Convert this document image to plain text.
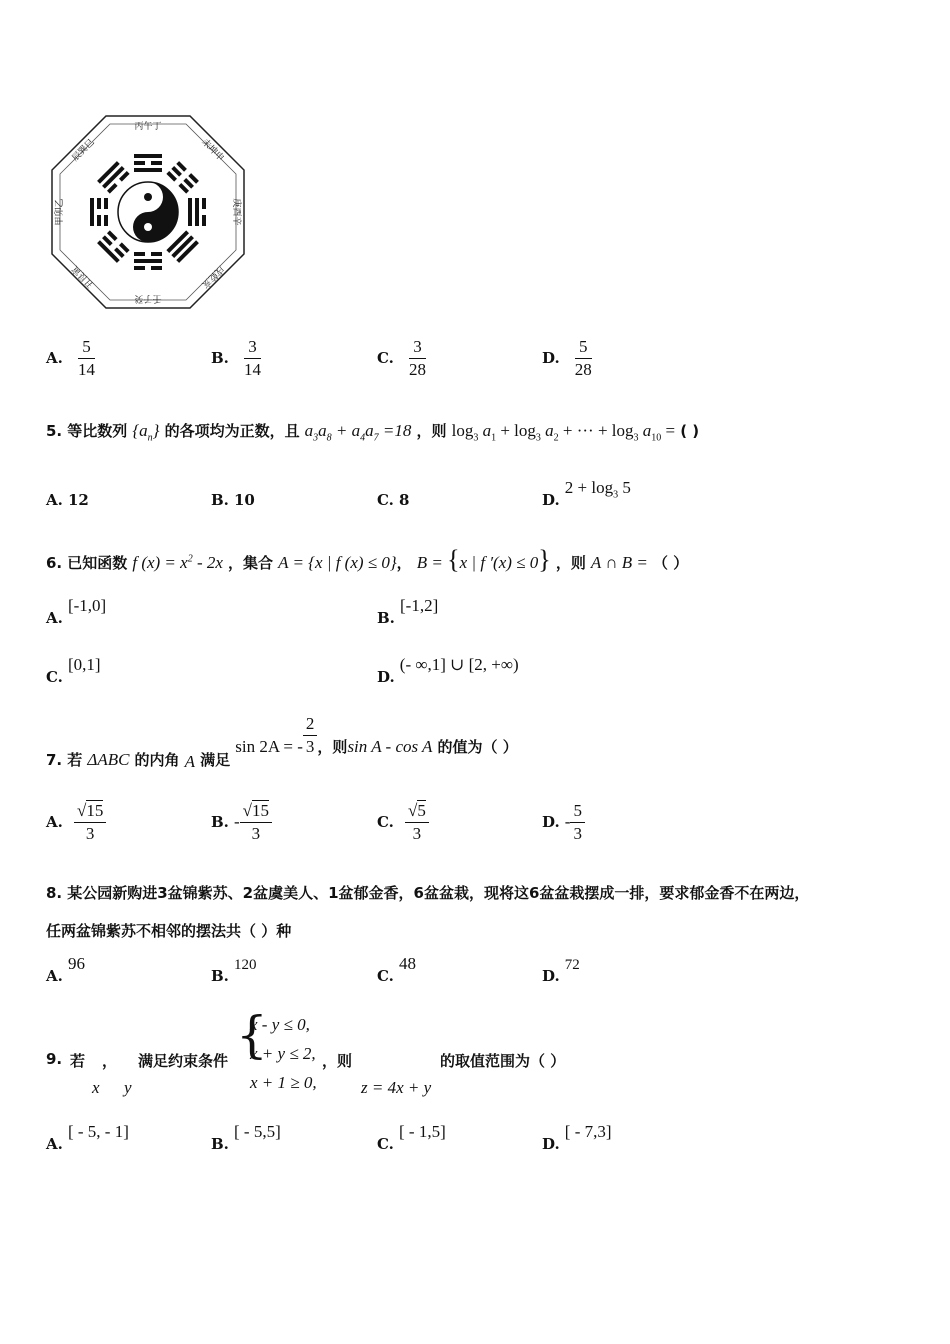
丙午丁
未坤申
庚酉辛
戌乾亥
壬子癸
丑艮寅
甲卯乙
辰巽巳
A. $\frac{5}{14}$	B. $\frac{3}{14}$	C. $\frac{3}{28}$	D. $\frac{5}{28}$
5. 等比数列 $\{a_n\}$ 的各项均为正数，且 $a_3a_8 + a_4a_7 =18$ ，则 $\log_3 a_1 + \log_3 a_2$ + ··· + $\log_3 a_{10}$ = ( )
A. 12	B. 10	C. 8	D. $2 + \log_3 5$
6. 已知函数 f $(x) = x^2 - 2x$ ，集合 A = {x | f (x) ≤ 0}， B = {x | f ′(x) ≤ 0} ，则 A ∩ B = （ ）
A. [-1,0]
B. [-1,2]
C. [0,1]
D. (- ∞,1] ∪ [2, +∞)
7. 若 ΔABC 的内角 A 满足 sin 2A = - $\frac{2}{3}$ ，则sin A - cos A 的值为（ ）
A. $\frac{√15}{3}$	B. - $\frac{√15}{3}$	C. $\frac{√5}{3}$	D. - $\frac{5}{3}$
8. 某公园新购进3盆锦紫苏、2盆虞美人、1盆郁金香，6盆盆栽，现将这6盆盆栽摆成一排，要求郁金香不在两边，
任两盆锦紫苏不相邻的摆法共（ ）种
A. 96
B. 120
C. 48
D. 72
9. 若 ，
x y
满足约束条件 {
x - y ≤ 0,
x + y ≤ 2,
x + 1 ≥ 0,
，则
z = 4x + y
的取值范围为（ ）
A. [ - 5, - 1]
B. [ - 5,5]
C. [ - 1,5]
D. [ - 7,3]
